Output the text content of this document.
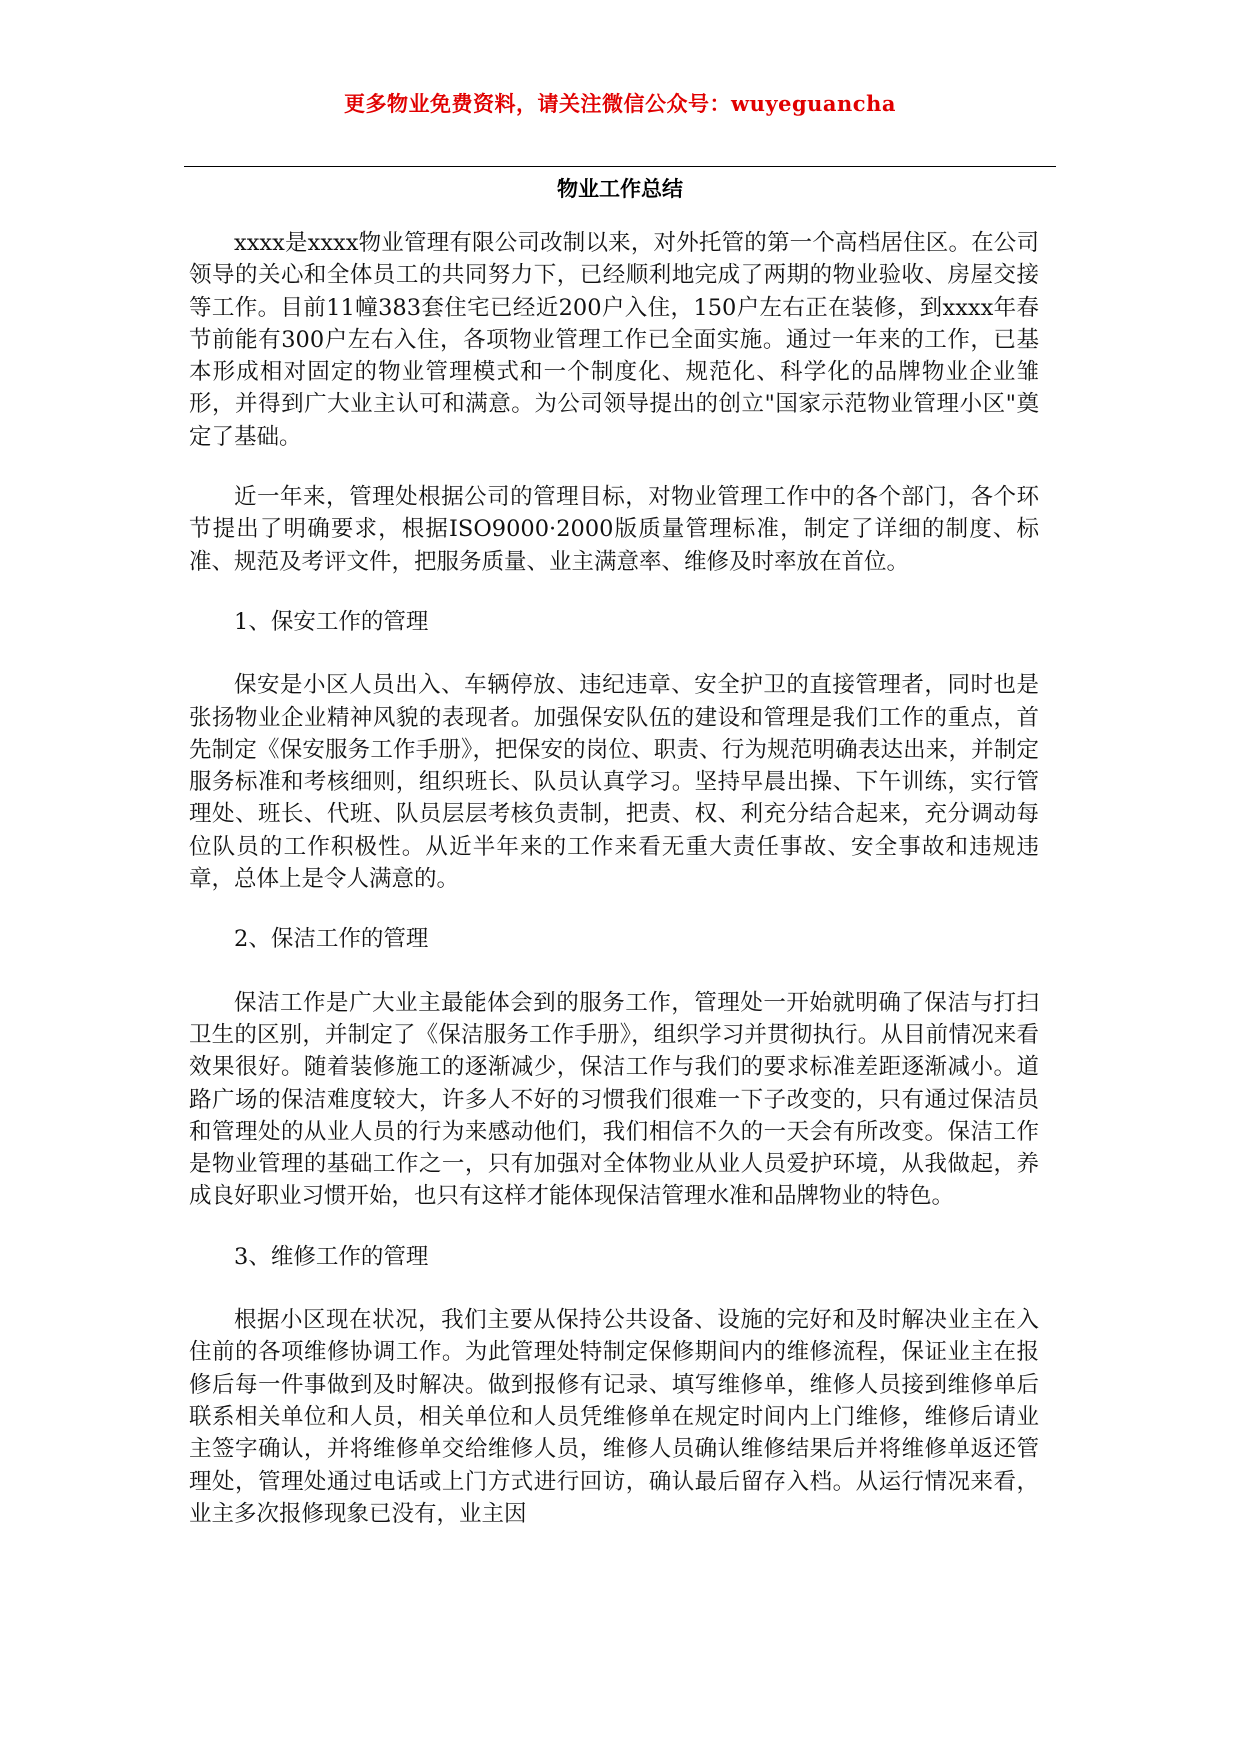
更多物业免费资料，请关注微信公众号：wuyeguancha
物业工作总结

xxxx是xxxx物业管理有限公司改制以来，对外托管的第一个高档居住区。在公司领导的关心和全体员工的共同努力下，已经顺利地完成了两期的物业验收、房屋交接等工作。目前11幢383套住宅已经近200户入住，150户左右正在装修，到xxxx年春节前能有300户左右入住，各项物业管理工作已全面实施。通过一年来的工作，已基本形成相对固定的物业管理模式和一个制度化、规范化、科学化的品牌物业企业雏形，并得到广大业主认可和满意。为公司领导提出的创立"国家示范物业管理小区"奠定了基础。

近一年来，管理处根据公司的管理目标，对物业管理工作中的各个部门，各个环节提出了明确要求，根据ISO9000·2000版质量管理标准，制定了详细的制度、标准、规范及考评文件，把服务质量、业主满意率、维修及时率放在首位。

1、保安工作的管理

保安是小区人员出入、车辆停放、违纪违章、安全护卫的直接管理者，同时也是张扬物业企业精神风貌的表现者。加强保安队伍的建设和管理是我们工作的重点，首先制定《保安服务工作手册》，把保安的岗位、职责、行为规范明确表达出来，并制定服务标准和考核细则，组织班长、队员认真学习。坚持早晨出操、下午训练，实行管理处、班长、代班、队员层层考核负责制，把责、权、利充分结合起来，充分调动每位队员的工作积极性。从近半年来的工作来看无重大责任事故、安全事故和违规违章，总体上是令人满意的。

2、保洁工作的管理

保洁工作是广大业主最能体会到的服务工作，管理处一开始就明确了保洁与打扫卫生的区别，并制定了《保洁服务工作手册》，组织学习并贯彻执行。从目前情况来看效果很好。随着装修施工的逐渐减少，保洁工作与我们的要求标准差距逐渐减小。道路广场的保洁难度较大，许多人不好的习惯我们很难一下子改变的，只有通过保洁员和管理处的从业人员的行为来感动他们，我们相信不久的一天会有所改变。保洁工作是物业管理的基础工作之一，只有加强对全体物业从业人员爱护环境，从我做起，养成良好职业习惯开始，也只有这样才能体现保洁管理水准和品牌物业的特色。

3、维修工作的管理

根据小区现在状况，我们主要从保持公共设备、设施的完好和及时解决业主在入住前的各项维修协调工作。为此管理处特制定保修期间内的维修流程，保证业主在报修后每一件事做到及时解决。做到报修有记录、填写维修单，维修人员接到维修单后联系相关单位和人员，相关单位和人员凭维修单在规定时间内上门维修，维修后请业主签字确认，并将维修单交给维修人员，维修人员确认维修结果后并将维修单返还管理处，管理处通过电话或上门方式进行回访，确认最后留存入档。从运行情况来看，业主多次报修现象已没有，业主因
